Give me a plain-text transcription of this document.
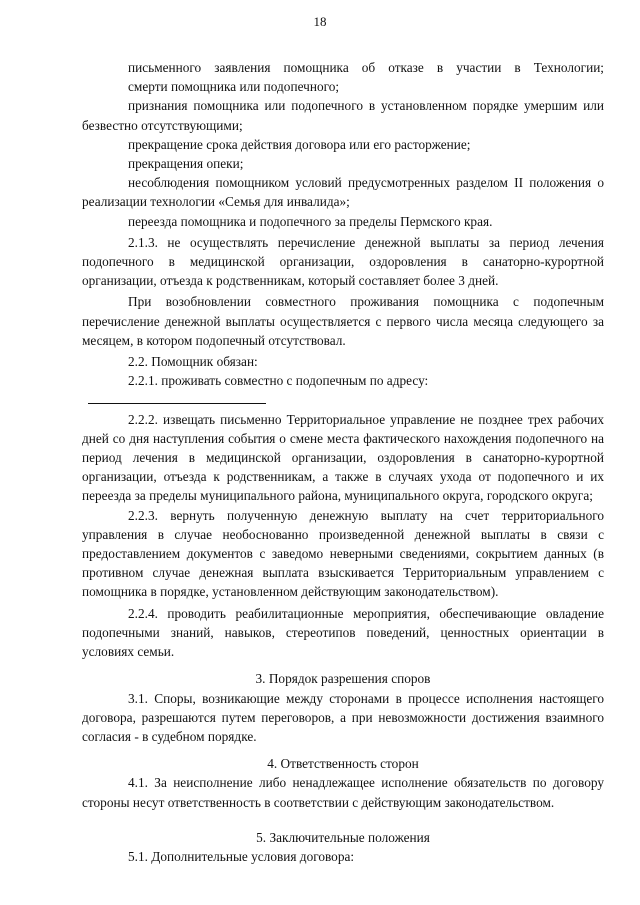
18

письменного заявления помощника об отказе в участии в Технологии;

смерти помощника или подопечного;

признания помощника или подопечного в установленном порядке умершим или безвестно отсутствующими;

прекращение срока действия договора или его расторжение;

прекращения опеки;

несоблюдения помощником условий предусмотренных разделом II положения о реализации технологии «Семья для инвалида»;

переезда помощника и подопечного за пределы Пермского края.

2.1.3. не осуществлять перечисление денежной выплаты за период лечения подопечного в медицинской организации, оздоровления в санаторно-курортной организации, отъезда к родственникам, который составляет более 3 дней.

При возобновлении совместного проживания помощника с подопечным перечисление денежной выплаты осуществляется с первого числа месяца следующего за месяцем, в котором подопечный отсутствовал.

2.2. Помощник обязан:

2.2.1. проживать совместно с подопечным по адресу:

2.2.2. извещать письменно Территориальное управление не позднее трех рабочих дней со дня наступления события о смене места фактического нахождения подопечного на период лечения в медицинской организации, оздоровления в санаторно-курортной организации, отъезда к родственникам, а также в случаях ухода от подопечного и их переезда за пределы муниципального района, муниципального округа, городского округа;

2.2.3. вернуть полученную денежную выплату на счет территориального управления в случае необоснованно произведенной денежной выплаты в связи с предоставлением документов с заведомо неверными сведениями, сокрытием данных (в противном случае денежная выплата взыскивается Территориальным управлением с помощника в порядке, установленном действующим законодательством).

2.2.4. проводить реабилитационные мероприятия, обеспечивающие овладение подопечными знаний, навыков, стереотипов поведений, ценностных ориентации в условиях семьи.

3. Порядок разрешения споров

3.1. Споры, возникающие между сторонами в процессе исполнения настоящего договора, разрешаются путем переговоров, а при невозможности достижения взаимного согласия - в судебном порядке.

4. Ответственность сторон

4.1. За неисполнение либо ненадлежащее исполнение обязательств по договору стороны несут ответственность в соответствии с действующим законодательством.

5. Заключительные положения

5.1. Дополнительные условия договора:
